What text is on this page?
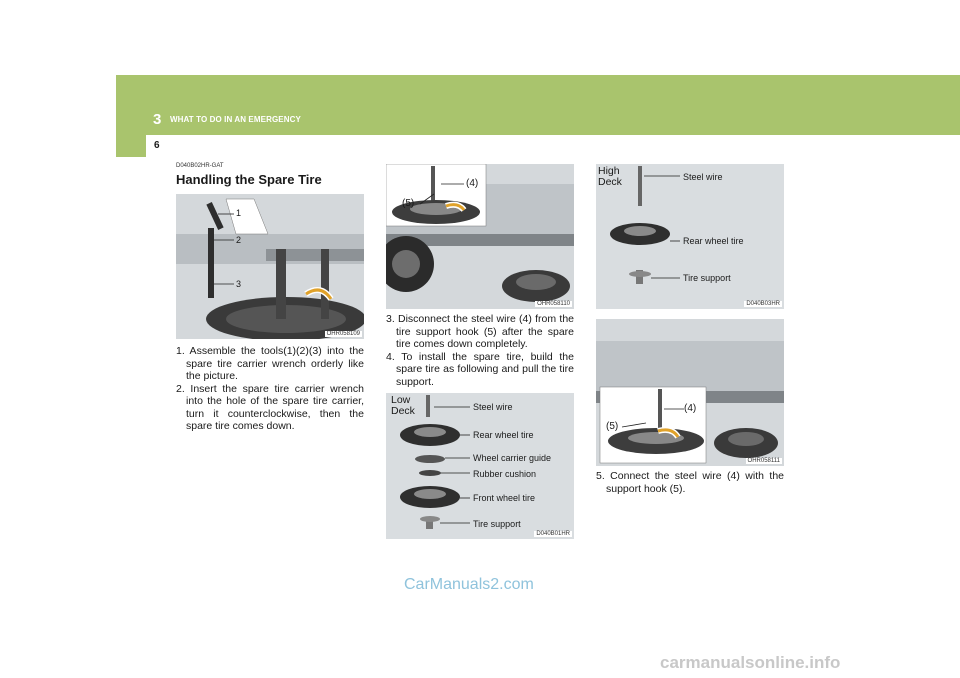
3 WHAT TO DO IN AN EMERGENCY
6
D040B02HR-GAT
Handling the Spare Tire
1
2
3
OHR058109
1. Assemble the tools(1)(2)(3) into the spare tire carrier wrench orderly like the picture.
2. Insert the spare tire carrier wrench into the hole of the spare tire carrier, turn it counterclockwise, then the spare tire comes down.
(4)
(5)
OHR058110
3. Disconnect the steel wire (4) from the tire support hook (5) after the spare tire comes down completely.
4. To install the spare tire, build the spare tire as following and pull the tire support.
Low
Deck	Steel wire
Rear wheel tire
Wheel carrier guide
Rubber cushion
Front wheel tire
Tire support
D040B01HR
High
Deck	Steel wire
Rear wheel tire
Tire support
D040B03HR
(4)
(5)
OHR058111
5. Connect the steel wire (4) with the support hook (5).
CarManuals2.com
carmanualsonline.info
